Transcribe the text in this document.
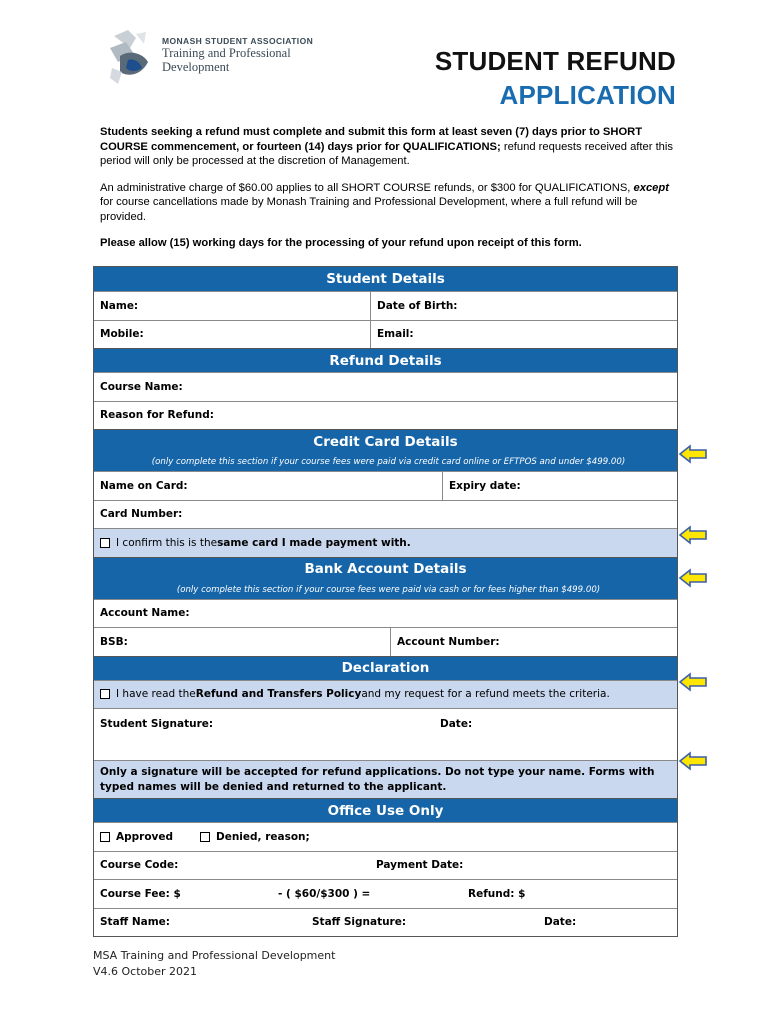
MONASH STUDENT ASSOCIATION
Training and Professional
Development	STUDENT REFUND
APPLICATION

Students seeking a refund must complete and submit this form at least seven (7) days prior to SHORT COURSE commencement, or fourteen (14) days prior for QUALIFICATIONS; refund requests received after this period will only be processed at the discretion of Management.

An administrative charge of $60.00 applies to all SHORT COURSE refunds, or $300 for QUALIFICATIONS, except for course cancellations made by Monash Training and Professional Development, where a full refund will be provided.

Please allow (15) working days for the processing of your refund upon receipt of this form.

Student Details
Name:	Date of Birth:
Mobile:	Email:
Refund Details
Course Name:
Reason for Refund:
Credit Card Details
(only complete this section if your course fees were paid via credit card online or EFTPOS and under $499.00)
Name on Card:	Expiry date:
Card Number:
I confirm this is the same card I made payment with.
Bank Account Details
(only complete this section if your course fees were paid via cash or for fees higher than $499.00)
Account Name:
BSB:	Account Number:
Declaration
I have read the Refund and Transfers Policy and my request for a refund meets the criteria.
Student Signature:	Date:
Only a signature will be accepted for refund applications. Do not type your name. Forms with typed names will be denied and returned to the applicant.
Office Use Only
Approved	Denied, reason;
Course Code:	Payment Date:
Course Fee: $	- ( $60/$300 ) =	Refund: $
Staff Name:	Staff Signature:	Date:
MSA Training and Professional Development
V4.6 October 2021
